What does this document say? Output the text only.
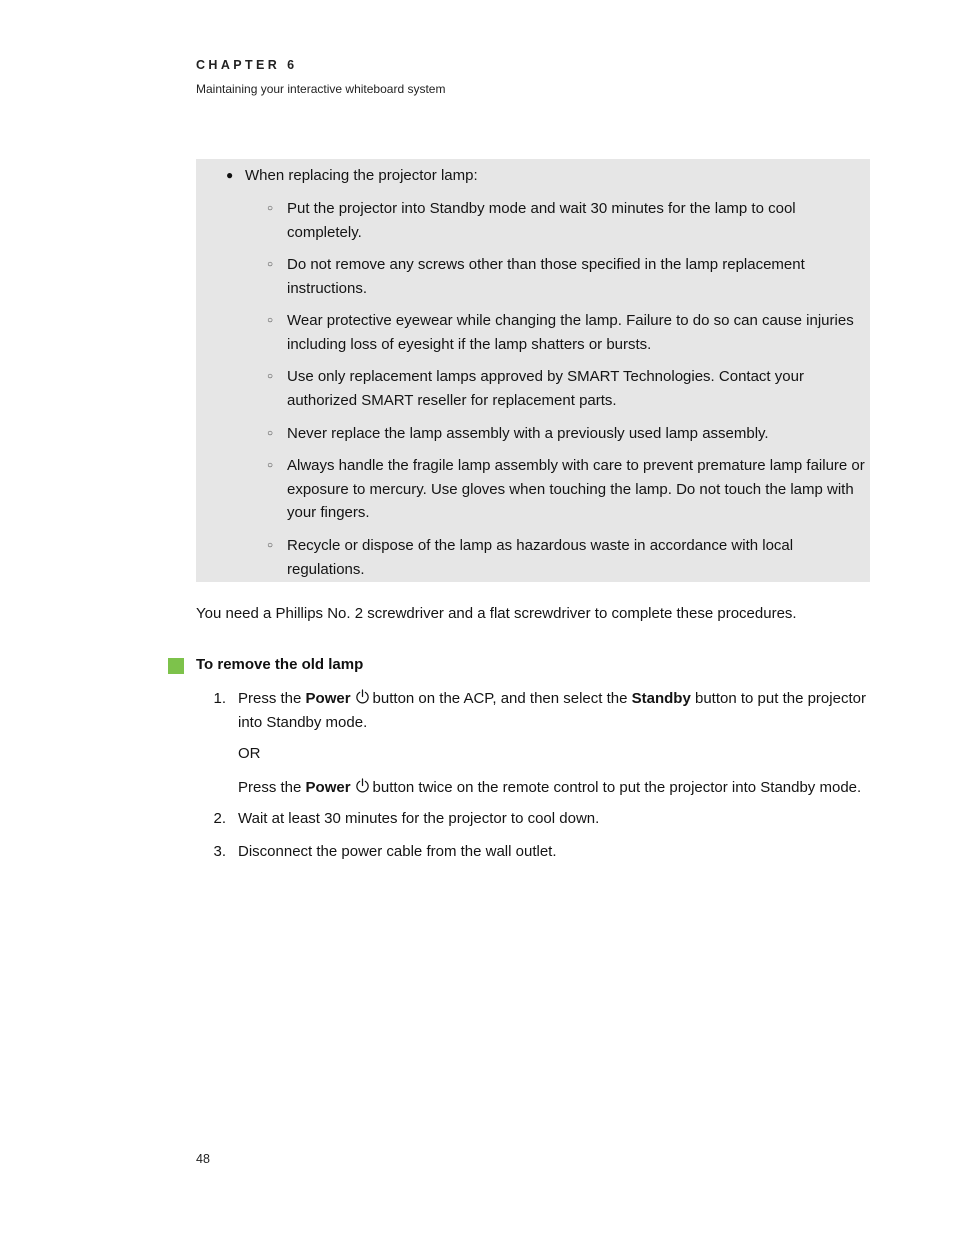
CHAPTER 6
Maintaining your interactive whiteboard system
● When replacing the projector lamp:
○ Put the projector into Standby mode and wait 30 minutes for the lamp to cool completely.
○ Do not remove any screws other than those specified in the lamp replacement instructions.
○ Wear protective eyewear while changing the lamp. Failure to do so can cause injuries including loss of eyesight if the lamp shatters or bursts.
○ Use only replacement lamps approved by SMART Technologies. Contact your authorized SMART reseller for replacement parts.
○ Never replace the lamp assembly with a previously used lamp assembly.
○ Always handle the fragile lamp assembly with care to prevent premature lamp failure or exposure to mercury. Use gloves when touching the lamp. Do not touch the lamp with your fingers.
○ Recycle or dispose of the lamp as hazardous waste in accordance with local regulations.
You need a Phillips No. 2 screwdriver and a flat screwdriver to complete these procedures.
To remove the old lamp
1. Press the Power button on the ACP, and then select the Standby button to put the projector into Standby mode.
OR
Press the Power button twice on the remote control to put the projector into Standby mode.
2. Wait at least 30 minutes for the projector to cool down.
3. Disconnect the power cable from the wall outlet.
48
